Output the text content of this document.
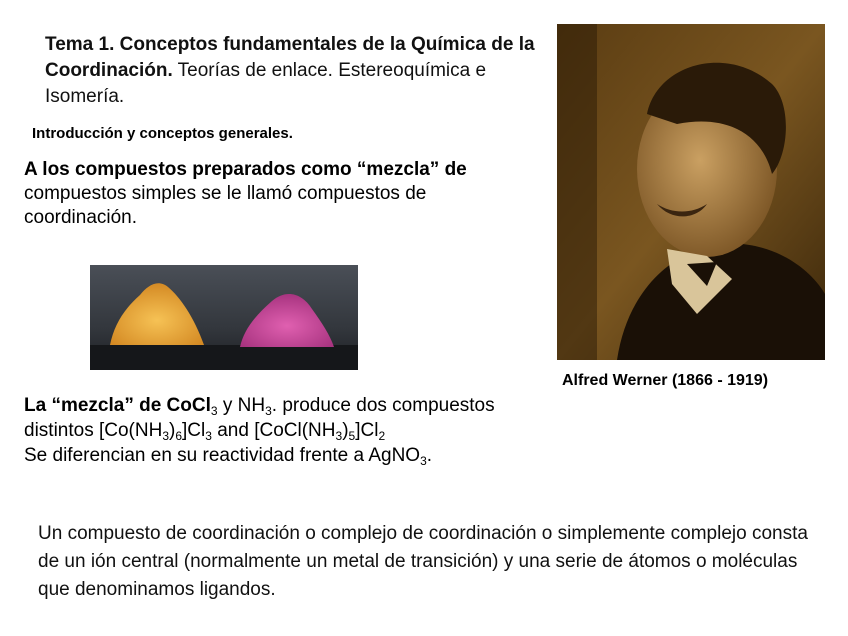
Tema 1. Conceptos fundamentales de la Química de la Coordinación. Teorías de enlace. Estereoquímica e Isomería.
Introducción y conceptos generales.
A los compuestos preparados como “mezcla” de compuestos simples se le llamó compuestos de coordinación.
Alfred Werner (1866 - 1919)
La “mezcla” de CoCl$_3$ y $NH_3$. produce dos compuestos distintos $[Co(NH_3)_6]Cl_3$ and $[CoCl(NH_3)_5]Cl_2$
Se diferencian en su reactividad frente a AgNO$_3$.
Un compuesto de coordinación o complejo de coordinación o simplemente complejo consta de un ión central (normalmente un metal de transición) y una serie de átomos o moléculas que denominamos ligandos.
